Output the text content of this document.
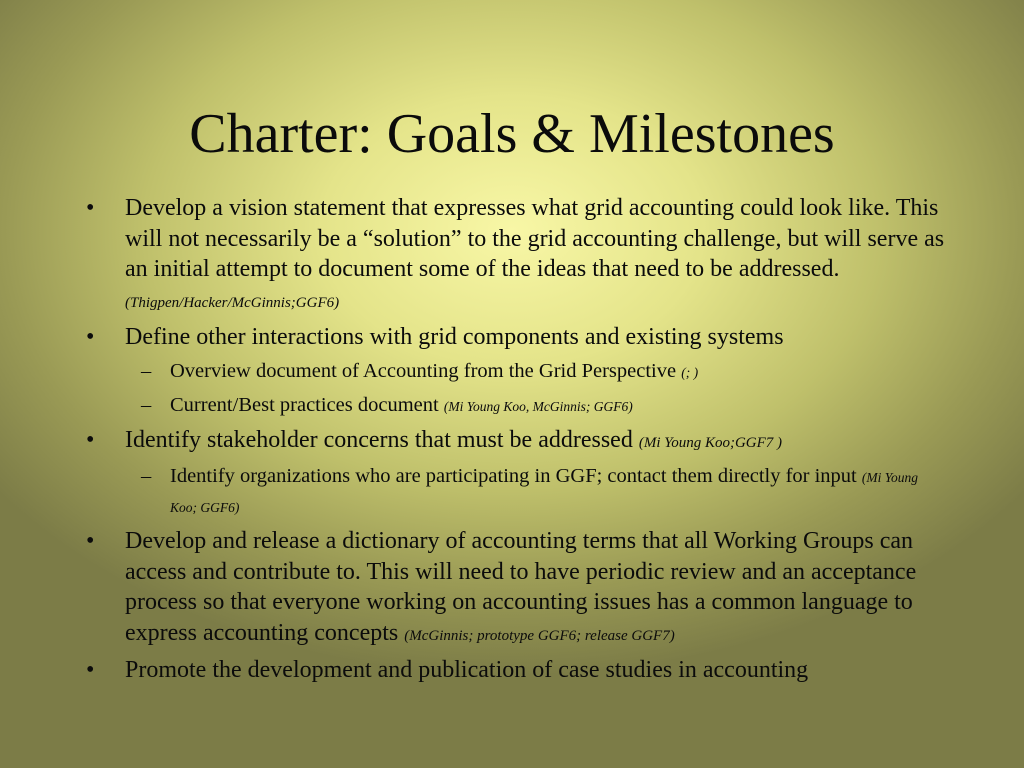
Charter: Goals & Milestones
• Develop a vision statement that expresses what grid accounting could look like. This will not necessarily be a “solution” to the grid accounting challenge, but will serve as an initial attempt to document some of the ideas that need to be addressed. (Thigpen/Hacker/McGinnis;GGF6)
• Define other interactions with grid components and existing systems
– Overview document of Accounting from the Grid Perspective (; )
– Current/Best practices document (Mi Young Koo, McGinnis; GGF6)
• Identify stakeholder concerns that must be addressed (Mi Young Koo;GGF7 )
– Identify organizations who are participating in GGF; contact them directly for input (Mi Young Koo; GGF6)
• Develop and release a dictionary of accounting terms that all Working Groups can access and contribute to. This will need to have periodic review and an acceptance process so that everyone working on accounting issues has a common language to express accounting concepts (McGinnis; prototype GGF6; release GGF7)
• Promote the development and publication of case studies in accounting
